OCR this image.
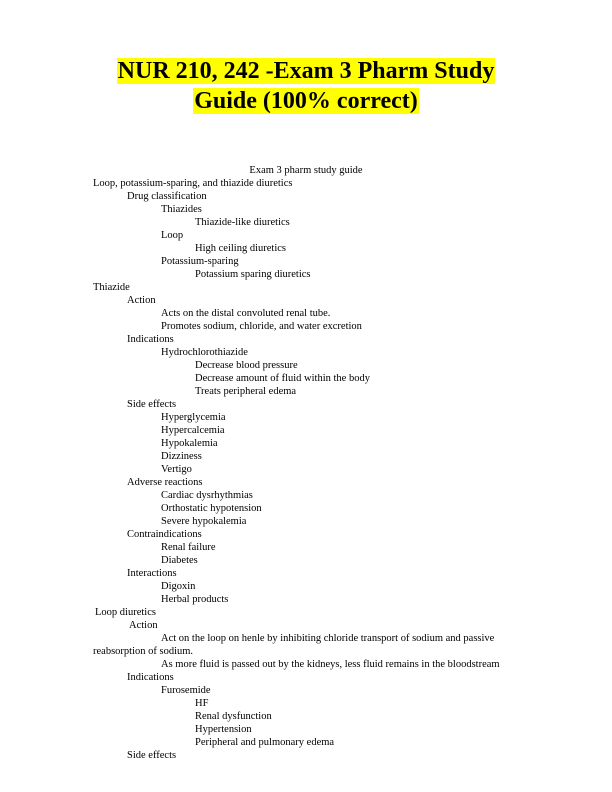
NUR 210, 242 -Exam 3 Pharm Study
Guide (100% correct)
Exam 3 pharm study guide
Loop, potassium-sparing, and thiazide diuretics
Drug classification
Thiazides
Thiazide-like diuretics
Loop
High ceiling diuretics
Potassium-sparing
Potassium sparing diuretics
Thiazide
Action
Acts on the distal convoluted renal tube.
Promotes sodium, chloride, and water excretion
Indications
Hydrochlorothiazide
Decrease blood pressure
Decrease amount of fluid within the body
Treats peripheral edema
Side effects
Hyperglycemia
Hypercalcemia
Hypokalemia
Dizziness
Vertigo
Adverse reactions
Cardiac dysrhythmias
Orthostatic hypotension
Severe hypokalemia
Contraindications
Renal failure
Diabetes
Interactions
Digoxin
Herbal products
Loop diuretics
Action
Act on the loop on henle by inhibiting chloride transport of sodium and passive
reabsorption of sodium.
As more fluid is passed out by the kidneys, less fluid remains in the bloodstream
Indications
Furosemide
HF
Renal dysfunction
Hypertension
Peripheral and pulmonary edema
Side effects
